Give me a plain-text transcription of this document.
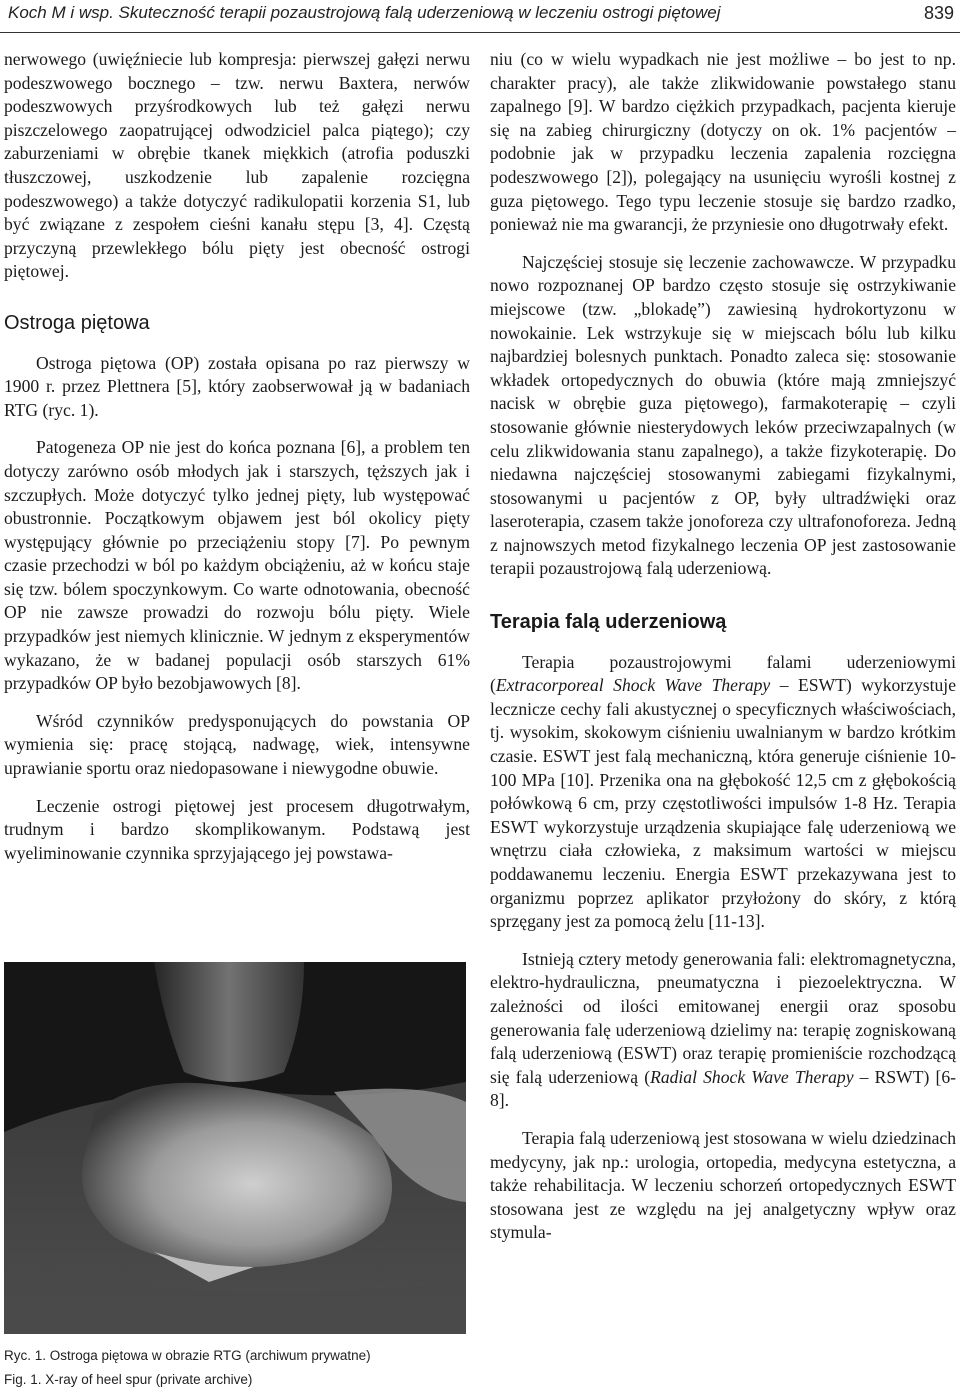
Koch M i wsp. Skuteczność terapii pozaustrojową falą uderzeniową w leczeniu ostrogi piętowej	839

nerwowego (uwięźniecie lub kompresja: pierwszej gałęzi nerwu podeszwowego bocznego – tzw. nerwu Baxtera, nerwów podeszwowych przyśrodkowych lub też gałęzi nerwu piszczelowego zaopatrującej odwodziciel palca piątego); czy zaburzeniami w obrębie tkanek miękkich (atrofia poduszki tłuszczowej, uszkodzenie lub zapalenie rozcięgna podeszwowego) a także dotyczyć radikulopatii korzenia S1, lub być związane z zespołem cieśni kanału stępu [3, 4]. Częstą przyczyną przewlekłego bólu pięty jest obecność ostrogi piętowej.

Ostroga piętowa

Ostroga piętowa (OP) została opisana po raz pierwszy w 1900 r. przez Plettnera [5], który zaobserwował ją w badaniach RTG (ryc. 1).

Patogeneza OP nie jest do końca poznana [6], a problem ten dotyczy zarówno osób młodych jak i starszych, tęższych jak i szczupłych. Może dotyczyć tylko jednej pięty, lub występować obustronnie. Początkowym objawem jest ból okolicy pięty występujący głównie po przeciążeniu stopy [7]. Po pewnym czasie przechodzi w ból po każdym obciążeniu, aż w końcu staje się tzw. bólem spoczynkowym. Co warte odnotowania, obecność OP nie zawsze prowadzi do rozwoju bólu pięty. Wiele przypadków jest niemych klinicznie. W jednym z eksperymentów wykazano, że w badanej populacji osób starszych 61% przypadków OP było bezobjawowych [8].

Wśród czynników predysponujących do powstania OP wymienia się: pracę stojącą, nadwagę, wiek, intensywne uprawianie sportu oraz niedopasowane i niewygodne obuwie.

Leczenie ostrogi piętowej jest procesem długotrwałym, trudnym i bardzo skomplikowanym. Podstawą jest wyeliminowanie czynnika sprzyjającego jej powstawa-

Ryc. 1. Ostroga piętowa w obrazie RTG (archiwum prywatne)
Fig. 1. X-ray of heel spur (private archive)

niu (co w wielu wypadkach nie jest możliwe – bo jest to np. charakter pracy), ale także zlikwidowanie powstałego stanu zapalnego [9]. W bardzo ciężkich przypadkach, pacjenta kieruje się na zabieg chirurgiczny (dotyczy on ok. 1% pacjentów – podobnie jak w przypadku leczenia zapalenia rozcięgna podeszwowego [2]), polegający na usunięciu wyrośli kostnej z guza piętowego. Tego typu leczenie stosuje się bardzo rzadko, ponieważ nie ma gwarancji, że przyniesie ono długotrwały efekt.

Najczęściej stosuje się leczenie zachowawcze. W przypadku nowo rozpoznanej OP bardzo często stosuje się ostrzykiwanie miejscowe (tzw. „blokadę”) zawiesiną hydrokortyzonu w nowokainie. Lek wstrzykuje się w miejscach bólu lub kilku najbardziej bolesnych punktach. Ponadto zaleca się: stosowanie wkładek ortopedycznych do obuwia (które mają zmniejszyć nacisk w obrębie guza piętowego), farmakoterapię – czyli stosowanie głównie niesterydowych leków przeciwzapalnych (w celu zlikwidowania stanu zapalnego), a także fizykoterapię. Do niedawna najczęściej stosowanymi zabiegami fizykalnymi, stosowanymi u pacjentów z OP, były ultradźwięki oraz laseroterapia, czasem także jonoforeza czy ultrafonoforeza. Jedną z najnowszych metod fizykalnego leczenia OP jest zastosowanie terapii pozaustrojową falą uderzeniową.

Terapia falą uderzeniową

Terapia pozaustrojowymi falami uderzeniowymi (Extracorporeal Shock Wave Therapy – ESWT) wykorzystuje lecznicze cechy fali akustycznej o specyficznych właściwościach, tj. wysokim, skokowym ciśnieniu uwalnianym w bardzo krótkim czasie. ESWT jest falą mechaniczną, która generuje ciśnienie 10-100 MPa [10]. Przenika ona na głębokość 12,5 cm z głębokością połówkową 6 cm, przy częstotliwości impulsów 1-8 Hz. Terapia ESWT wykorzystuje urządzenia skupiające falę uderzeniową we wnętrzu ciała człowieka, z maksimum wartości w miejscu poddawanemu leczeniu. Energia ESWT przekazywana jest to organizmu poprzez aplikator przyłożony do skóry, z którą sprzęgany jest za pomocą żelu [11-13].

Istnieją cztery metody generowania fali: elektromagnetyczna, elektro-hydrauliczna, pneumatyczna i piezoelektryczna. W zależności od ilości emitowanej energii oraz sposobu generowania falę uderzeniową dzielimy na: terapię zogniskowaną falą uderzeniową (ESWT) oraz terapię promieniście rozchodzącą się falą uderzeniową (Radial Shock Wave Therapy – RSWT) [6-8].

Terapia falą uderzeniową jest stosowana w wielu dziedzinach medycyny, jak np.: urologia, ortopedia, medycyna estetyczna, a także rehabilitacja. W leczeniu schorzeń ortopedycznych ESWT stosowana jest ze względu na jej analgetyczny wpływ oraz stymula-
